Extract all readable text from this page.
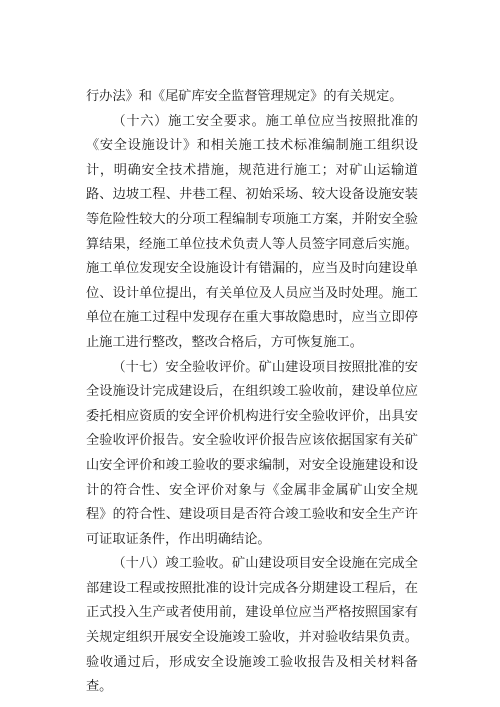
行办法》和《尾矿库安全监督管理规定》的有关规定。

（十六）施工安全要求。施工单位应当按照批准的《安全设施设计》和相关施工技术标准编制施工组织设计，明确安全技术措施，规范进行施工；对矿山运输道路、边坡工程、井巷工程、初始采场、较大设备设施安装等危险性较大的分项工程编制专项施工方案，并附安全验算结果，经施工单位技术负责人等人员签字同意后实施。施工单位发现安全设施设计有错漏的，应当及时向建设单位、设计单位提出，有关单位及人员应当及时处理。施工单位在施工过程中发现存在重大事故隐患时，应当立即停止施工进行整改，整改合格后，方可恢复施工。

（十七）安全验收评价。矿山建设项目按照批准的安全设施设计完成建设后，在组织竣工验收前，建设单位应委托相应资质的安全评价机构进行安全验收评价，出具安全验收评价报告。安全验收评价报告应该依据国家有关矿山安全评价和竣工验收的要求编制，对安全设施建设和设计的符合性、安全评价对象与《金属非金属矿山安全规程》的符合性、建设项目是否符合竣工验收和安全生产许可证取证条件，作出明确结论。

（十八）竣工验收。矿山建设项目安全设施在完成全部建设工程或按照批准的设计完成各分期建设工程后，在正式投入生产或者使用前，建设单位应当严格按照国家有关规定组织开展安全设施竣工验收，并对验收结果负责。验收通过后，形成安全设施竣工验收报告及相关材料备查。
